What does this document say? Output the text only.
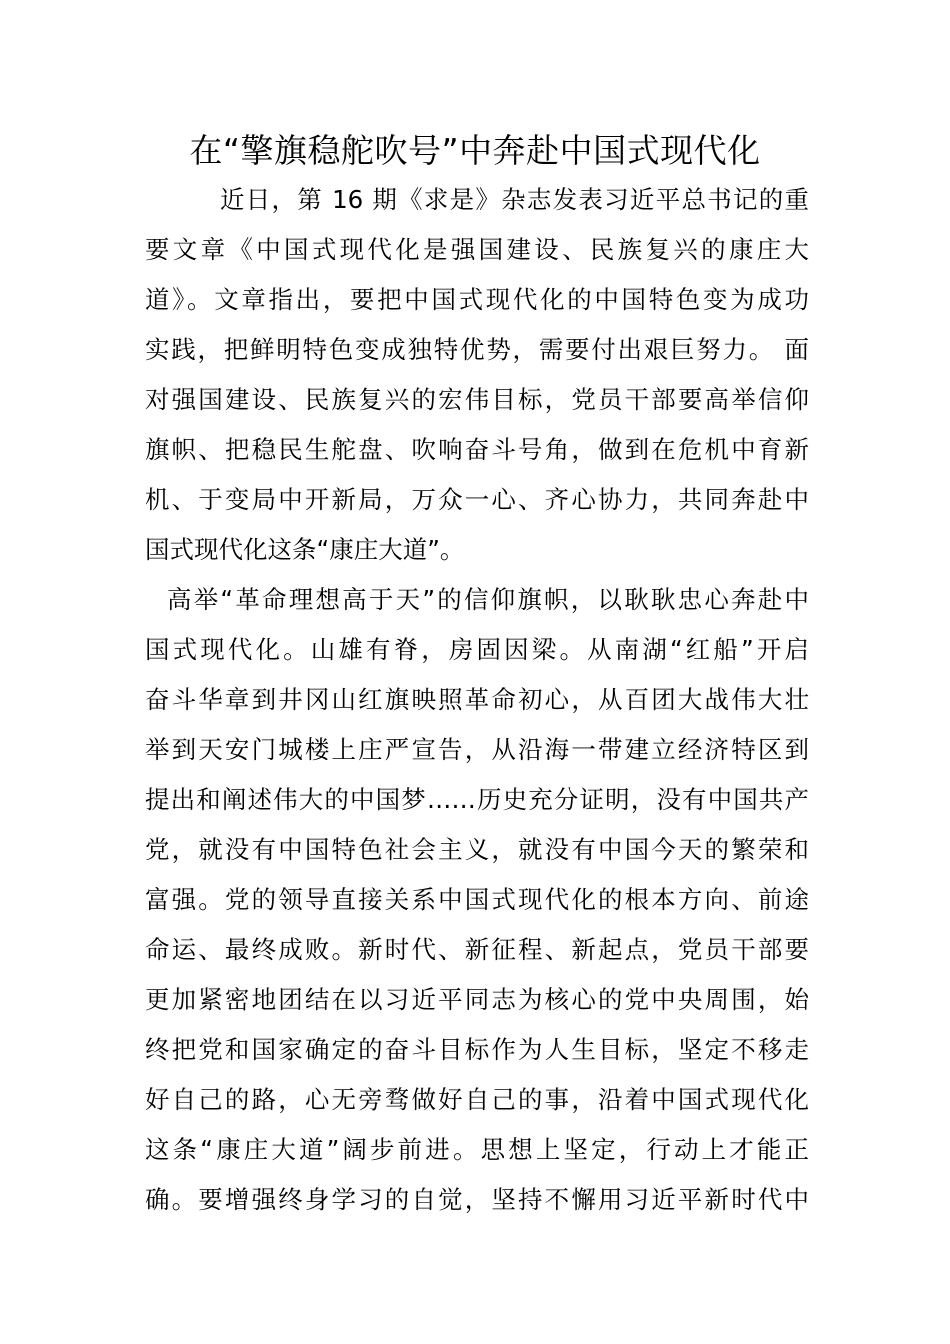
在“擎旗稳舵吹号”中奔赴中国式现代化
近日，第 16 期《求是》杂志发表习近平总书记的重
要文章《中国式现代化是强国建设、民族复兴的康庄大
道》。文章指出，要把中国式现代化的中国特色变为成功
实践，把鲜明特色变成独特优势，需要付出艰巨努力。 面
对强国建设、民族复兴的宏伟目标，党员干部要高举信仰
旗帜、把稳民生舵盘、吹响奋斗号角，做到在危机中育新
机、于变局中开新局，万众一心、齐心协力，共同奔赴中
国式现代化这条“康庄大道”。
高举“革命理想高于天”的信仰旗帜，以耿耿忠心奔赴中
国式现代化。山雄有脊，房固因梁。从南湖“红船”开启
奋斗华章到井冈山红旗映照革命初心，从百团大战伟大壮
举到天安门城楼上庄严宣告，从沿海一带建立经济特区到
提出和阐述伟大的中国梦……历史充分证明，没有中国共产
党，就没有中国特色社会主义，就没有中国今天的繁荣和
富强。党的领导直接关系中国式现代化的根本方向、前途
命运、最终成败。新时代、新征程、新起点，党员干部要
更加紧密地团结在以习近平同志为核心的党中央周围，始
终把党和国家确定的奋斗目标作为人生目标，坚定不移走
好自己的路，心无旁骛做好自己的事，沿着中国式现代化
这条“康庄大道”阔步前进。思想上坚定，行动上才能正
确。要增强终身学习的自觉，坚持不懈用习近平新时代中
